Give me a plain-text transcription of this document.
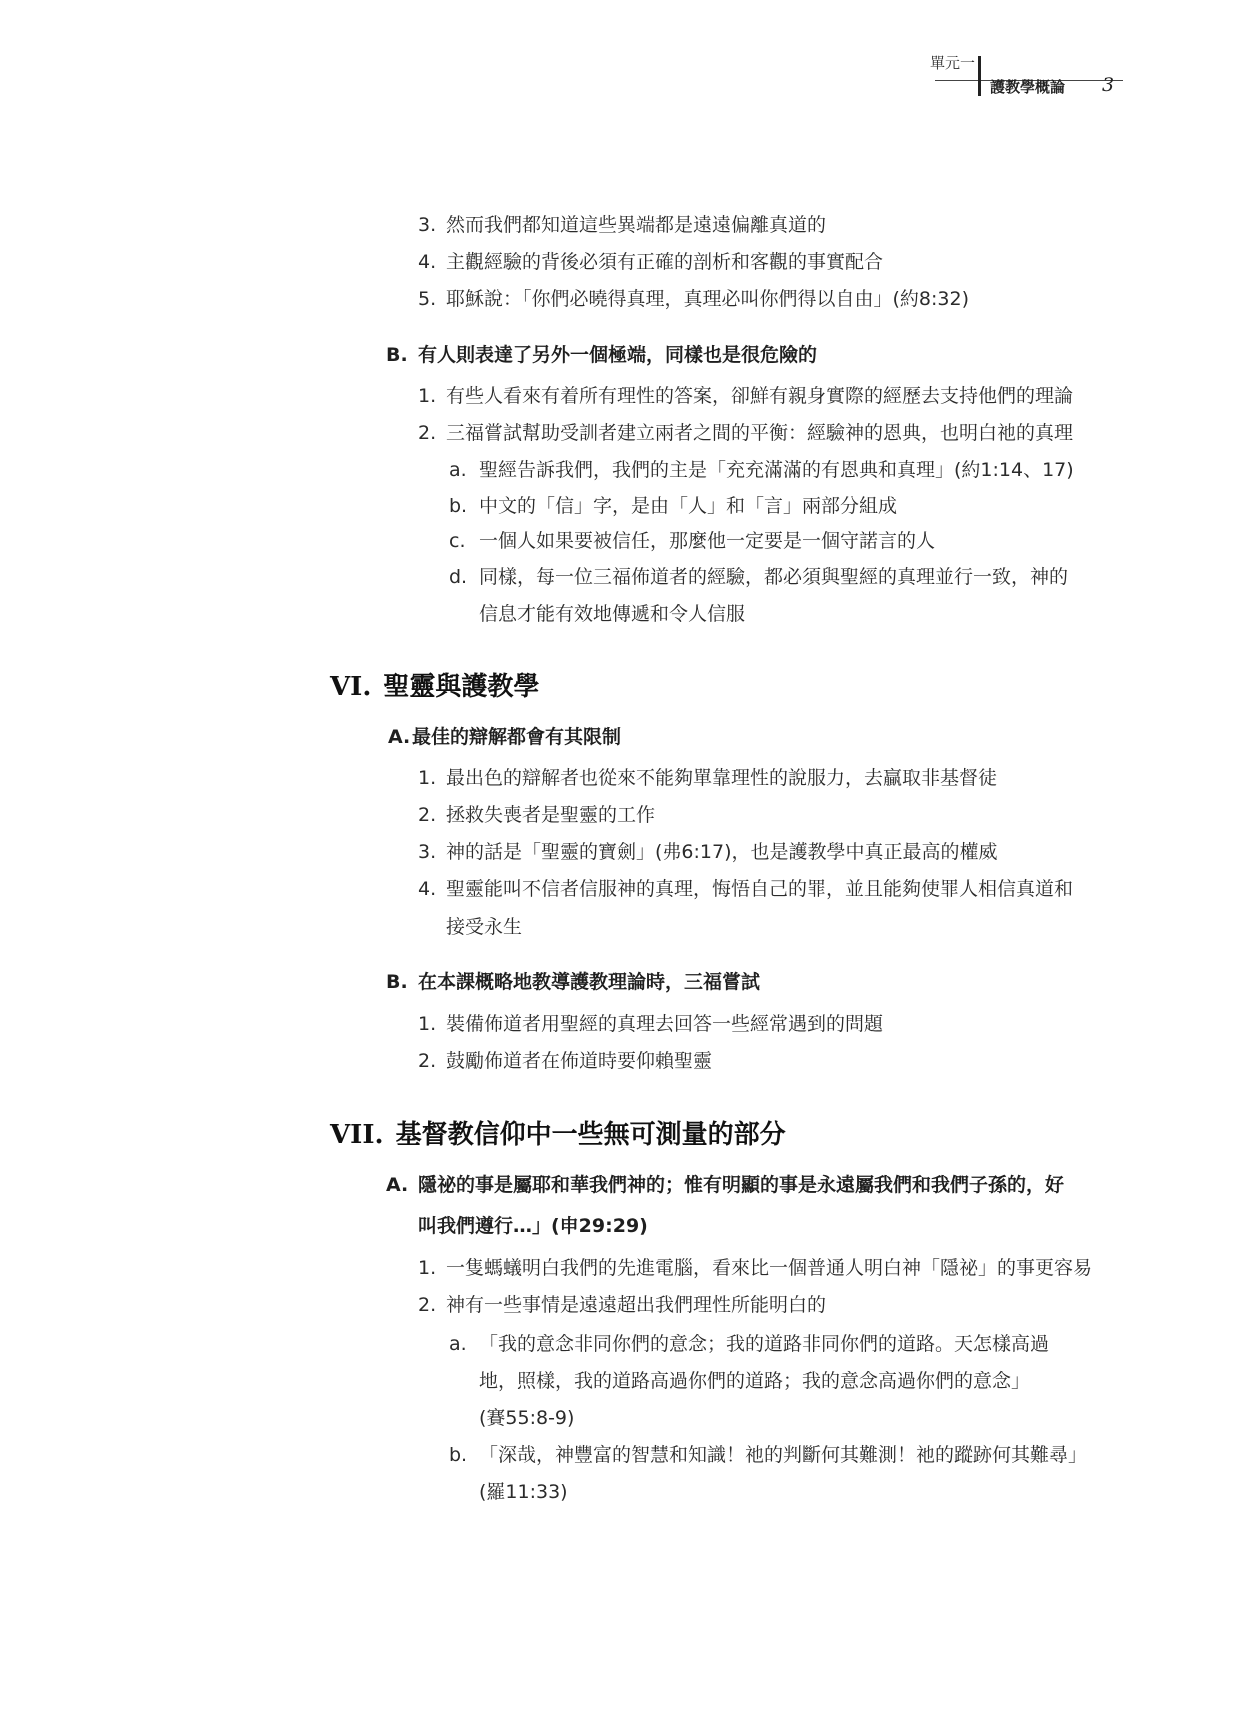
單元一
護教學概論 3
3. 然而我們都知道這些異端都是遠遠偏離真道的
4. 主觀經驗的背後必須有正確的剖析和客觀的事實配合
5. 耶穌說：「你們必曉得真理，真理必叫你們得以自由」(約8:32)
B. 有人則表達了另外一個極端，同樣也是很危險的
1. 有些人看來有着所有理性的答案，卻鮮有親身實際的經歷去支持他們的理論
2. 三福嘗試幫助受訓者建立兩者之間的平衡：經驗神的恩典，也明白祂的真理
a. 聖經告訴我們，我們的主是「充充滿滿的有恩典和真理」(約1:14、17)
b. 中文的「信」字，是由「人」和「言」兩部分組成
c. 一個人如果要被信任，那麼他一定要是一個守諾言的人
d. 同樣，每一位三福佈道者的經驗，都必須與聖經的真理並行一致，神的
信息才能有效地傳遞和令人信服
VI. 聖靈與護教學
A.最佳的辯解都會有其限制
1. 最出色的辯解者也從來不能夠單靠理性的說服力，去贏取非基督徒
2. 拯救失喪者是聖靈的工作
3. 神的話是「聖靈的寶劍」(弗6:17)，也是護教學中真正最高的權威
4. 聖靈能叫不信者信服神的真理，悔悟自己的罪，並且能夠使罪人相信真道和
接受永生
B. 在本課概略地教導護教理論時，三福嘗試
1. 裝備佈道者用聖經的真理去回答一些經常遇到的問題
2. 鼓勵佈道者在佈道時要仰賴聖靈
VII. 基督教信仰中一些無可測量的部分
A. 隱祕的事是屬耶和華我們神的；惟有明顯的事是永遠屬我們和我們子孫的，好
叫我們遵行…」(申29:29)
1. 一隻螞蟻明白我們的先進電腦，看來比一個普通人明白神「隱祕」的事更容易
2. 神有一些事情是遠遠超出我們理性所能明白的
a. 「我的意念非同你們的意念；我的道路非同你們的道路。天怎樣高過
地，照樣，我的道路高過你們的道路；我的意念高過你們的意念」
(賽55:8-9)
b. 「深哉，神豐富的智慧和知識！祂的判斷何其難測！祂的蹤跡何其難尋」
(羅11:33)
